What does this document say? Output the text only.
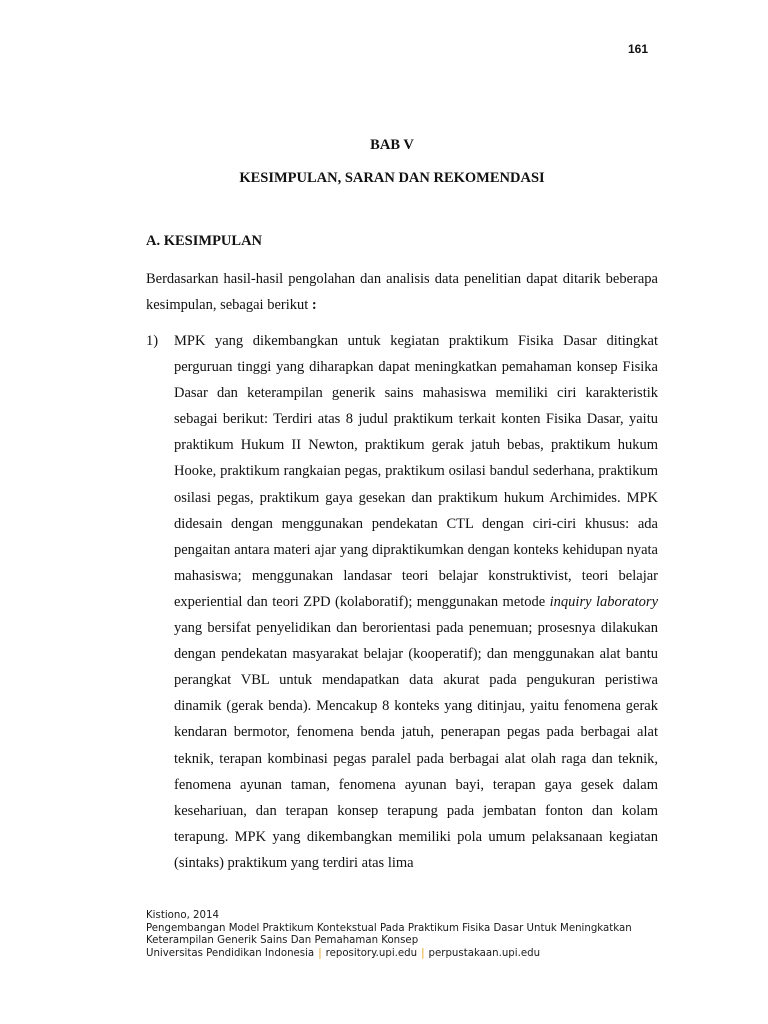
161
BAB V
KESIMPULAN, SARAN DAN REKOMENDASI
A. KESIMPULAN

Berdasarkan hasil-hasil pengolahan dan analisis data penelitian dapat ditarik beberapa kesimpulan, sebagai berikut :

1) MPK yang dikembangkan untuk kegiatan praktikum Fisika Dasar ditingkat perguruan tinggi yang diharapkan dapat meningkatkan pemahaman konsep Fisika Dasar dan keterampilan generik sains mahasiswa memiliki ciri karakteristik sebagai berikut: Terdiri atas 8 judul praktikum terkait konten Fisika Dasar, yaitu praktikum Hukum II Newton, praktikum gerak jatuh bebas, praktikum hukum Hooke, praktikum rangkaian pegas, praktikum osilasi bandul sederhana, praktikum osilasi pegas, praktikum gaya gesekan dan praktikum hukum Archimides. MPK didesain dengan menggunakan pendekatan CTL dengan ciri-ciri khusus: ada pengaitan antara materi ajar yang dipraktikumkan dengan konteks kehidupan nyata mahasiswa; menggunakan landasar teori belajar konstruktivist, teori belajar experiential dan teori ZPD (kolaboratif); menggunakan metode inquiry laboratory yang bersifat penyelidikan dan berorientasi pada penemuan; prosesnya dilakukan dengan pendekatan masyarakat belajar (kooperatif); dan menggunakan alat bantu perangkat VBL untuk mendapatkan data akurat pada pengukuran peristiwa dinamik (gerak benda). Mencakup 8 konteks yang ditinjau, yaitu fenomena gerak kendaran bermotor, fenomena benda jatuh, penerapan pegas pada berbagai alat teknik, terapan kombinasi pegas paralel pada berbagai alat olah raga dan teknik, fenomena ayunan taman, fenomena ayunan bayi, terapan gaya gesek dalam kesehariuan, dan terapan konsep terapung pada jembatan fonton dan kolam terapung. MPK yang dikembangkan memiliki pola umum pelaksanaan kegiatan (sintaks) praktikum yang terdiri atas lima

Kistiono, 2014
Pengembangan Model Praktikum Kontekstual Pada Praktikum Fisika Dasar Untuk Meningkatkan
Keterampilan Generik Sains Dan Pemahaman Konsep
Universitas Pendidikan Indonesia | repository.upi.edu | perpustakaan.upi.edu
